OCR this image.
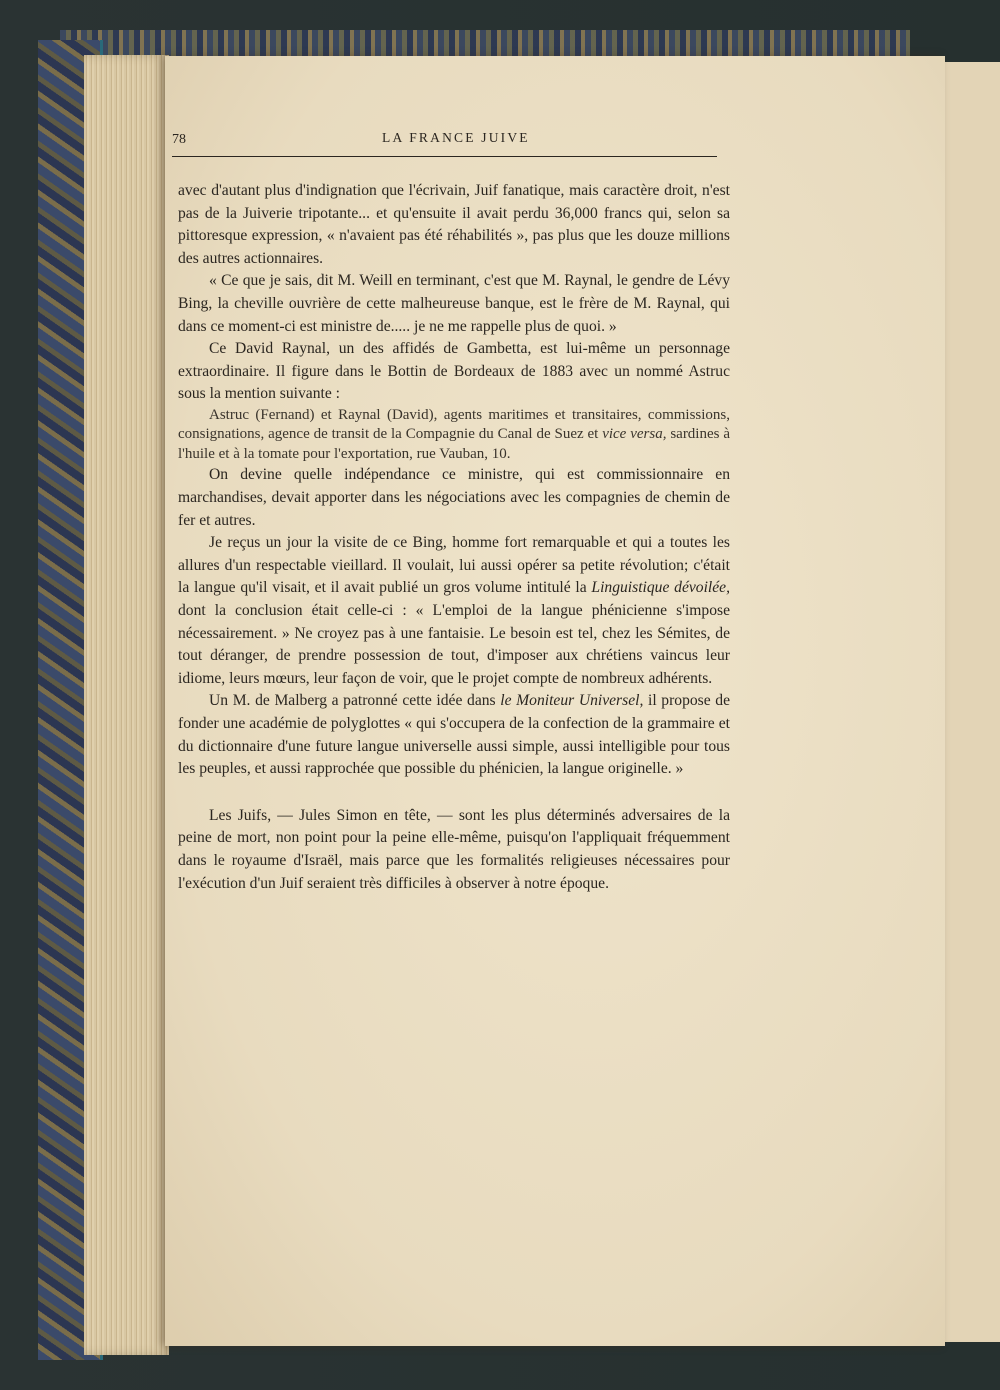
78	LA FRANCE JUIVE

avec d'autant plus d'indignation que l'écrivain, Juif fanatique, mais caractère droit, n'est pas de la Juiverie tripotante... et qu'ensuite il avait perdu 36,000 francs qui, selon sa pittoresque expression, « n'avaient pas été réhabilités », pas plus que les douze millions des autres actionnaires.

« Ce que je sais, dit M. Weill en terminant, c'est que M. Raynal, le gendre de Lévy Bing, la cheville ouvrière de cette malheureuse banque, est le frère de M. Raynal, qui dans ce moment-ci est ministre de..... je ne me rappelle plus de quoi. »

Ce David Raynal, un des affidés de Gambetta, est lui-même un personnage extraordinaire. Il figure dans le Bottin de Bordeaux de 1883 avec un nommé Astruc sous la mention suivante :

Astruc (Fernand) et Raynal (David), agents maritimes et transitaires, commissions, consignations, agence de transit de la Compagnie du Canal de Suez et vice versa, sardines à l'huile et à la tomate pour l'exportation, rue Vauban, 10.

On devine quelle indépendance ce ministre, qui est commissionnaire en marchandises, devait apporter dans les négociations avec les compagnies de chemin de fer et autres.

Je reçus un jour la visite de ce Bing, homme fort remarquable et qui a toutes les allures d'un respectable vieillard. Il voulait, lui aussi opérer sa petite révolution; c'était la langue qu'il visait, et il avait publié un gros volume intitulé la Linguistique dévoilée, dont la conclusion était celle-ci : « L'emploi de la langue phénicienne s'impose nécessairement. » Ne croyez pas à une fantaisie. Le besoin est tel, chez les Sémites, de tout déranger, de prendre possession de tout, d'imposer aux chrétiens vaincus leur idiome, leurs mœurs, leur façon de voir, que le projet compte de nombreux adhérents.

Un M. de Malberg a patronné cette idée dans le Moniteur Universel, il propose de fonder une académie de polyglottes « qui s'occupera de la confection de la grammaire et du dictionnaire d'une future langue universelle aussi simple, aussi intelligible pour tous les peuples, et aussi rapprochée que possible du phénicien, la langue originelle. »

Les Juifs, — Jules Simon en tête, — sont les plus déterminés adversaires de la peine de mort, non point pour la peine elle-même, puisqu'on l'appliquait fréquemment dans le royaume d'Israël, mais parce que les formalités religieuses nécessaires pour l'exécution d'un Juif seraient très difficiles à observer à notre époque.
